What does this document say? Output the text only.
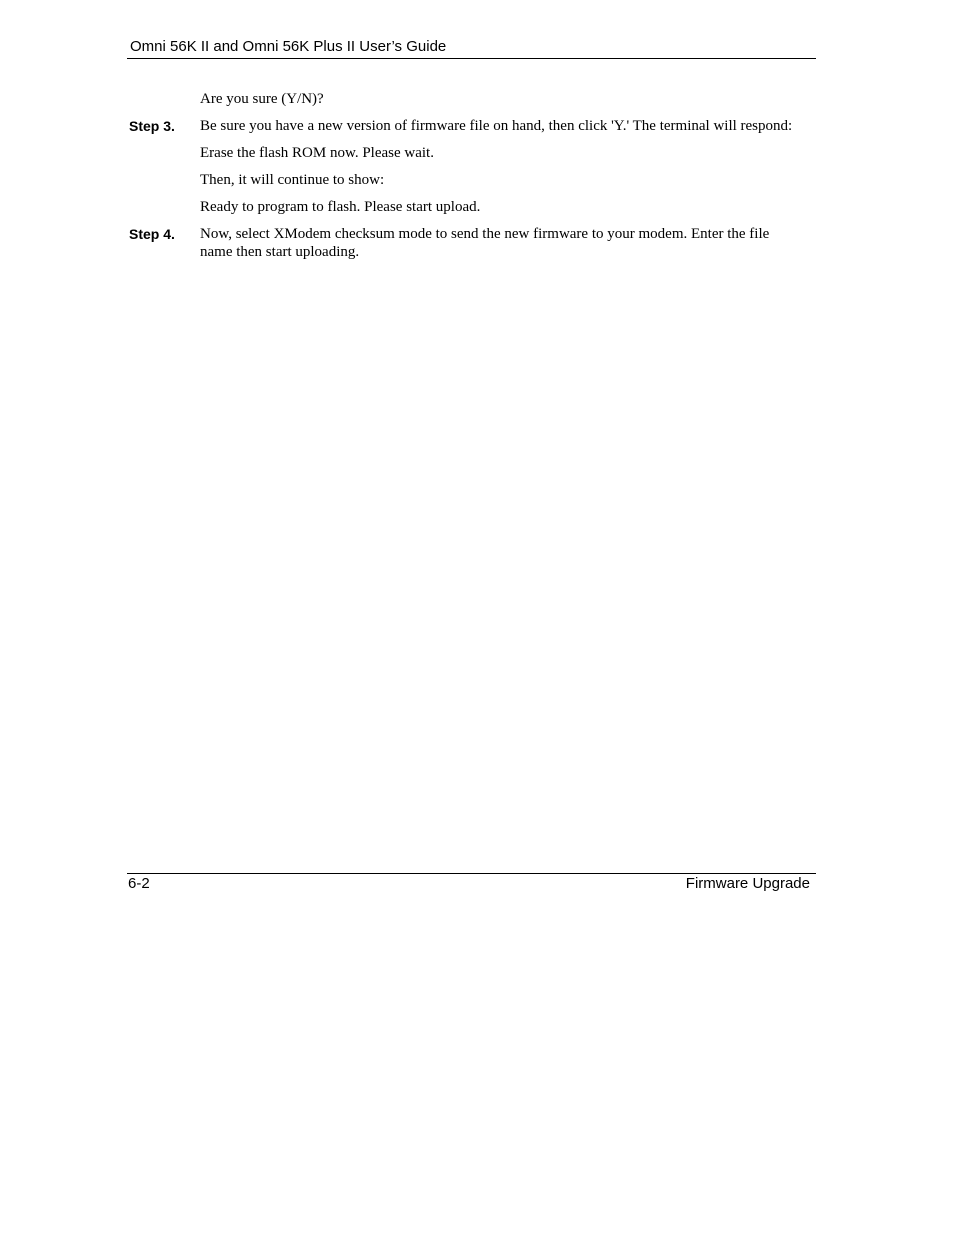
Omni 56K II and Omni 56K Plus II User’s Guide
Are you sure (Y/N)?
Step 3.	Be sure you have a new version of firmware file on hand, then click 'Y.' The terminal will respond:
Erase the flash ROM now. Please wait.
Then, it will continue to show:
Ready to program to flash. Please start upload.
Step 4.	Now, select XModem checksum mode to send the new firmware to your modem. Enter the file name then start uploading.
6-2	Firmware Upgrade
